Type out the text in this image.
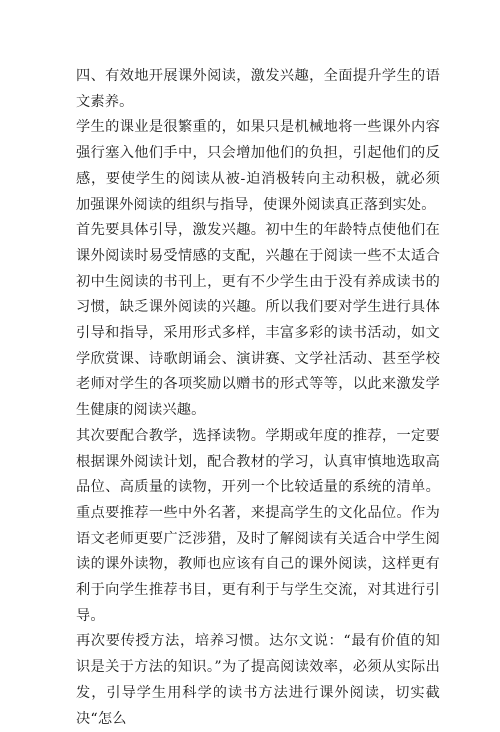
四、有效地开展课外阅读，激发兴趣，全面提升学生的语文素养。

学生的课业是很繁重的，如果只是机械地将一些课外内容强行塞入他们手中，只会增加他们的负担，引起他们的反感，要使学生的阅读从被-迫消极转向主动积极，就必须加强课外阅读的组织与指导，使课外阅读真正落到实处。

首先要具体引导，激发兴趣。初中生的年龄特点使他们在课外阅读时易受情感的支配，兴趣在于阅读一些不太适合初中生阅读的书刊上，更有不少学生由于没有养成读书的习惯，缺乏课外阅读的兴趣。所以我们要对学生进行具体引导和指导，采用形式多样，丰富多彩的读书活动，如文学欣赏课、诗歌朗诵会、演讲赛、文学社活动、甚至学校老师对学生的各项奖励以赠书的形式等等，以此来激发学生健康的阅读兴趣。

其次要配合教学，选择读物。学期或年度的推荐，一定要根据课外阅读计划，配合教材的学习，认真审慎地选取高品位、高质量的读物，开列一个比较适量的系统的清单。重点要推荐一些中外名著，来提高学生的文化品位。作为语文老师更要广泛涉猎，及时了解阅读有关适合中学生阅读的课外读物，教师也应该有自己的课外阅读，这样更有利于向学生推荐书目，更有利于与学生交流，对其进行引导。

再次要传授方法，培养习惯。达尔文说：“最有价值的知识是关于方法的知识。”为了提高阅读效率，必须从实际出发，引导学生用科学的读书方法进行课外阅读，切实截决“怎么
